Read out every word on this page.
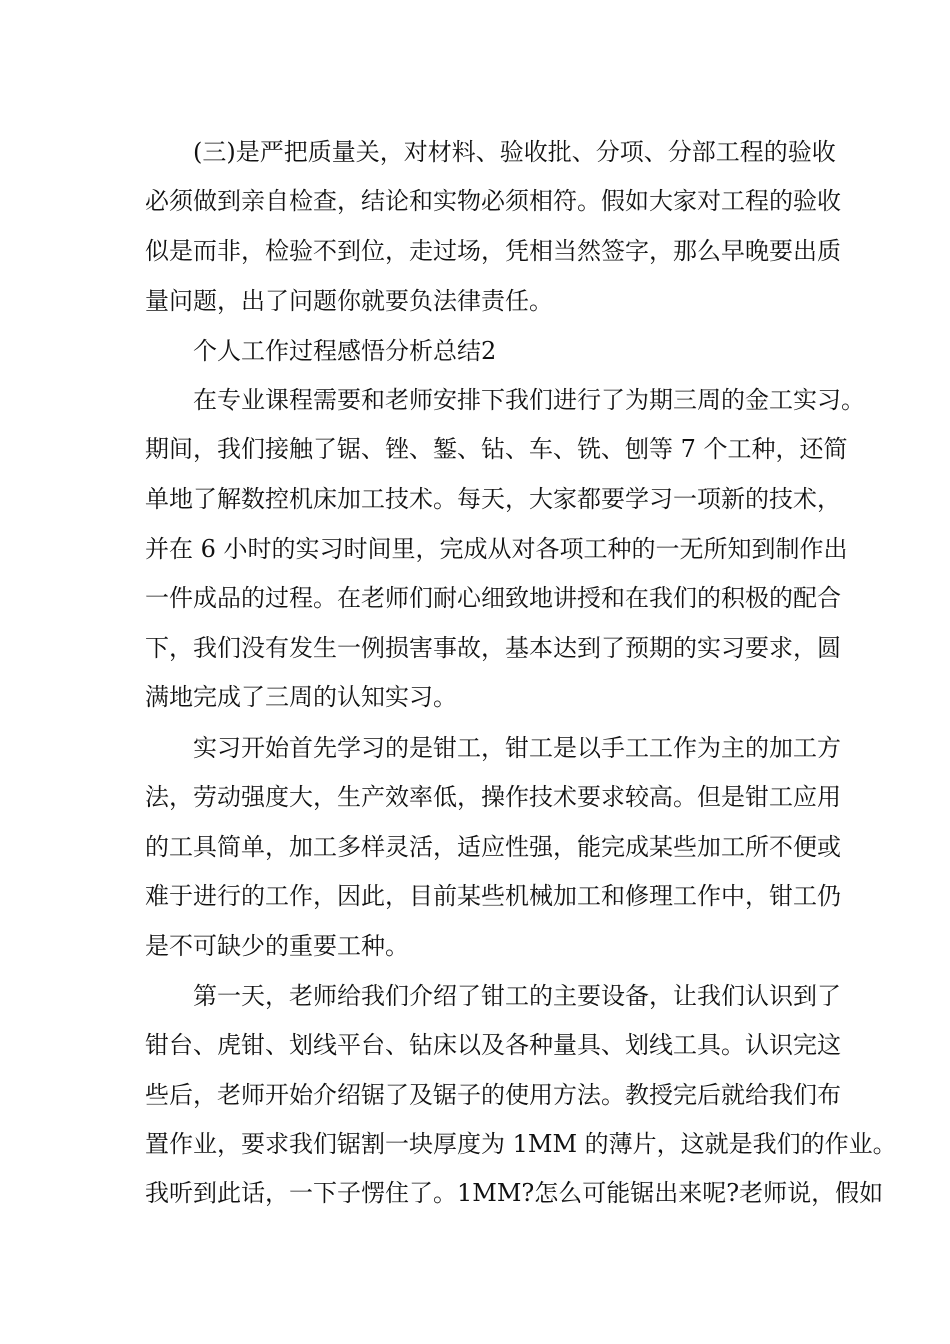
(三)是严把质量关，对材料、验收批、分项、分部工程的验收
必须做到亲自检查，结论和实物必须相符。假如大家对工程的验收
似是而非，检验不到位，走过场，凭相当然签字，那么早晚要出质
量问题，出了问题你就要负法律责任。
个人工作过程感悟分析总结2
在专业课程需要和老师安排下我们进行了为期三周的金工实习。
期间，我们接触了锯、锉、錾、钻、车、铣、刨等 7 个工种，还简
单地了解数控机床加工技术。每天，大家都要学习一项新的技术，
并在 6 小时的实习时间里，完成从对各项工种的一无所知到制作出
一件成品的过程。在老师们耐心细致地讲授和在我们的积极的配合
下，我们没有发生一例损害事故，基本达到了预期的实习要求，圆
满地完成了三周的认知实习。
实习开始首先学习的是钳工，钳工是以手工工作为主的加工方
法，劳动强度大，生产效率低，操作技术要求较高。但是钳工应用
的工具简单，加工多样灵活，适应性强，能完成某些加工所不便或
难于进行的工作，因此，目前某些机械加工和修理工作中，钳工仍
是不可缺少的重要工种。
第一天，老师给我们介绍了钳工的主要设备，让我们认识到了
钳台、虎钳、划线平台、钻床以及各种量具、划线工具。认识完这
些后，老师开始介绍锯了及锯子的使用方法。教授完后就给我们布
置作业，要求我们锯割一块厚度为 1MM 的薄片，这就是我们的作业。
我听到此话，一下子愣住了。1MM?怎么可能锯出来呢?老师说，假如
